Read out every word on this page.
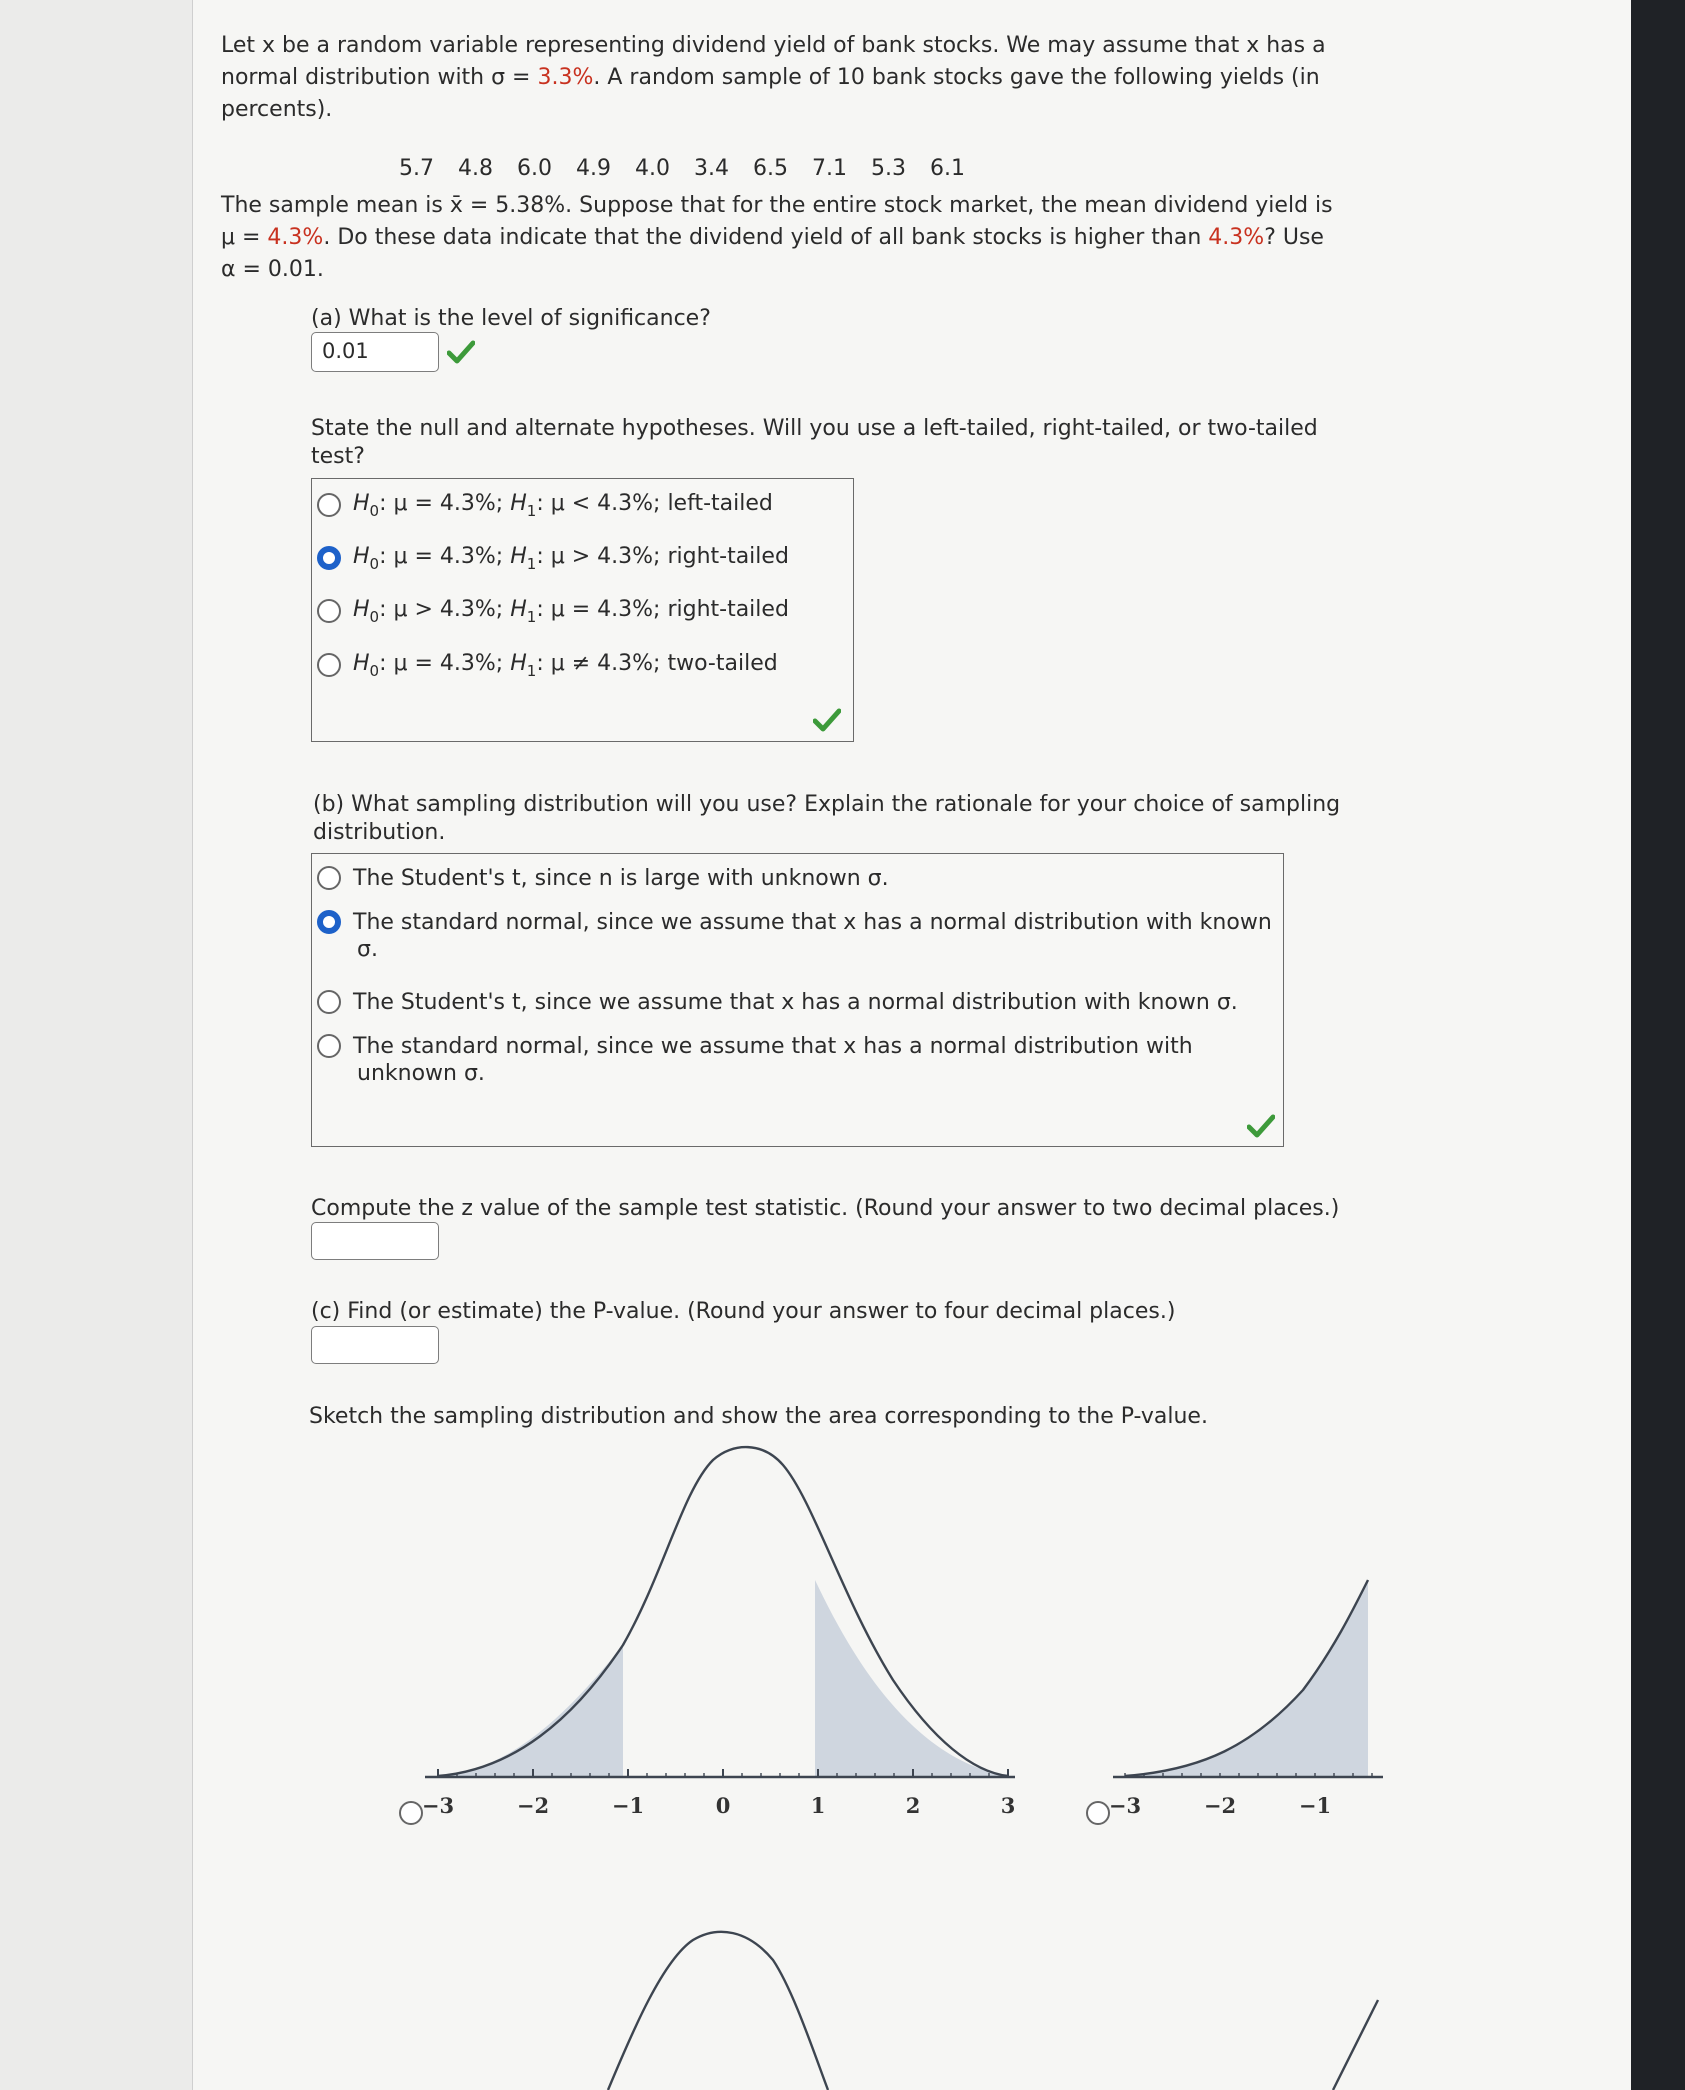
Let x be a random variable representing dividend yield of bank stocks. We may assume that x has a
normal distribution with σ = 3.3%. A random sample of 10 bank stocks gave the following yields (in
percents).
5.7 4.8 6.0 4.9 4.0 3.4 6.5 7.1 5.3 6.1
The sample mean is x̄ = 5.38%. Suppose that for the entire stock market, the mean dividend yield is
μ = 4.3%. Do these data indicate that the dividend yield of all bank stocks is higher than 4.3%? Use
α = 0.01.
(a) What is the level of significance?
0.01
State the null and alternate hypotheses. Will you use a left-tailed, right-tailed, or two-tailed
test?
$H_0$: μ = 4.3%; $H_1$: μ < 4.3%; left-tailed
$H_0$: μ = 4.3%; $H_1$: μ > 4.3%; right-tailed
$H_0$: μ > 4.3%; $H_1$: μ = 4.3%; right-tailed
$H_0$: μ = 4.3%; $H_1$: μ ≠ 4.3%; two-tailed
(b) What sampling distribution will you use? Explain the rationale for your choice of sampling
distribution.
The Student's t, since n is large with unknown σ.
The standard normal, since we assume that x has a normal distribution with known
σ.
The Student's t, since we assume that x has a normal distribution with known σ.
The standard normal, since we assume that x has a normal distribution with
unknown σ.
Compute the z value of the sample test statistic. (Round your answer to two decimal places.)
(c) Find (or estimate) the P-value. (Round your answer to four decimal places.)
Sketch the sampling distribution and show the area corresponding to the P-value.
−3	−2	−1	0	1	2	3	−3	−2	−1
